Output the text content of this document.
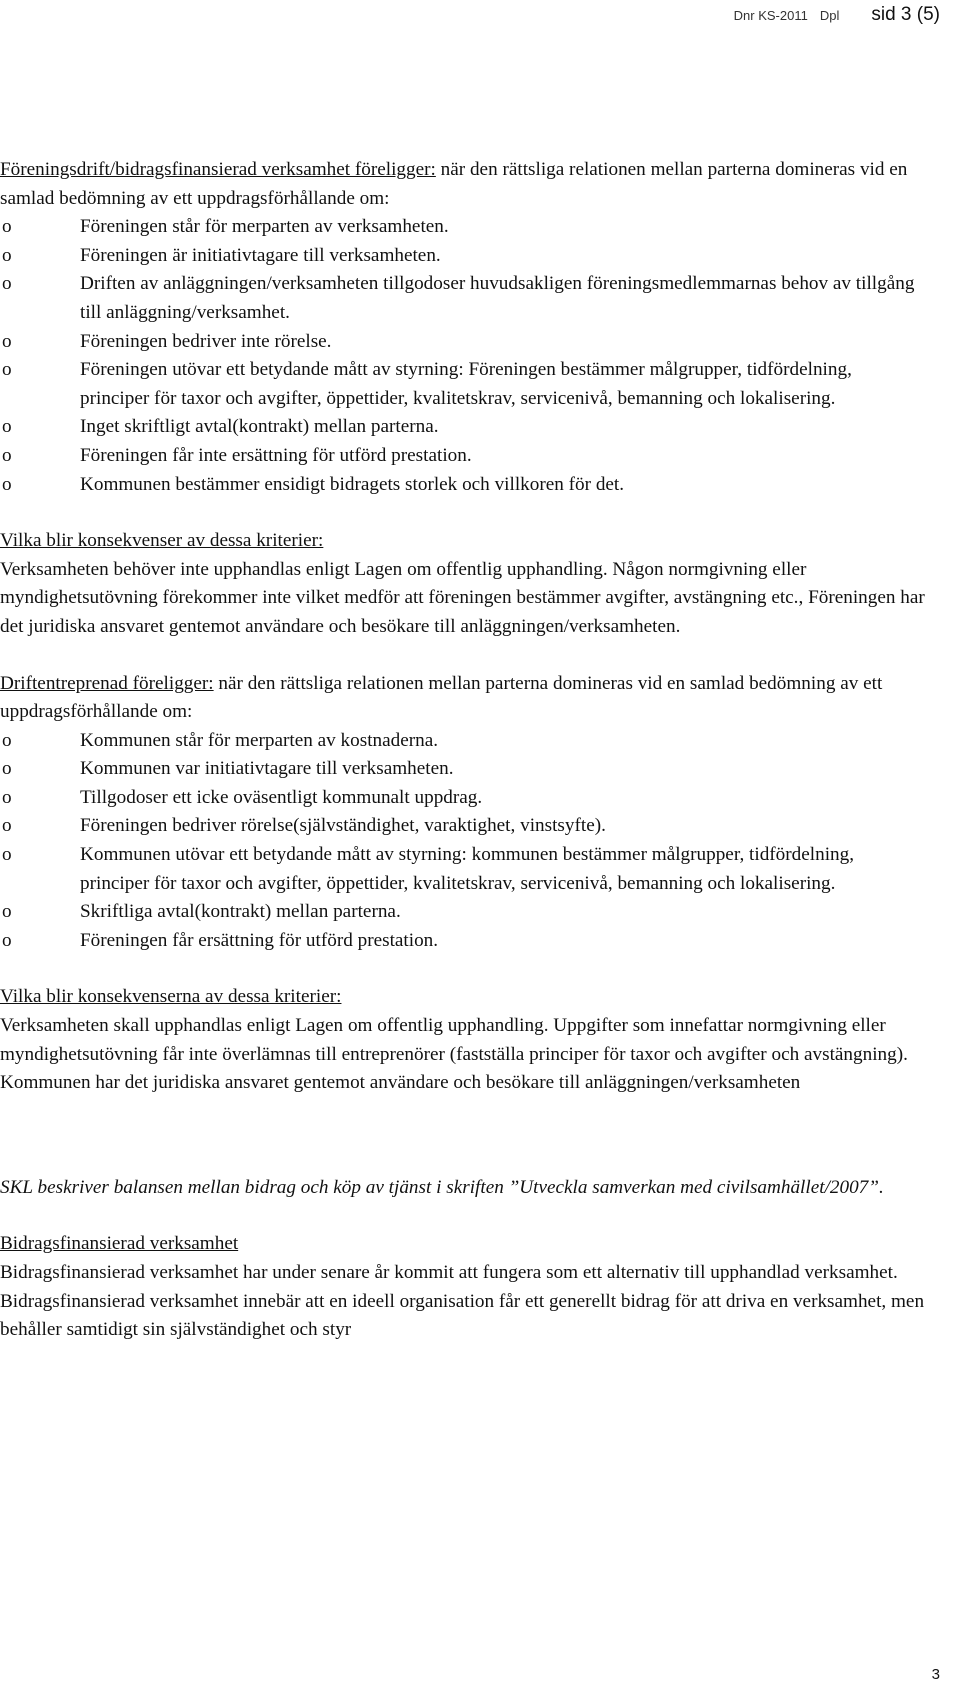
Dnr KS-2011 Dpl sid 3 (5)

Föreningsdrift/bidragsfinansierad verksamhet föreligger: när den rättsliga relationen mellan parterna domineras vid en samlad bedömning av ett uppdragsförhållande om:

o Föreningen står för merparten av verksamheten.
o Föreningen är initiativtagare till verksamheten.
o Driften av anläggningen/verksamheten tillgodoser huvudsakligen föreningsmedlemmarnas behov av tillgång till anläggning/verksamhet.
o Föreningen bedriver inte rörelse.
o Föreningen utövar ett betydande mått av styrning: Föreningen bestämmer målgrupper, tidfördelning, principer för taxor och avgifter, öppettider, kvalitetskrav, servicenivå, bemanning och lokalisering.
o Inget skriftligt avtal(kontrakt) mellan parterna.
o Föreningen får inte ersättning för utförd prestation.
o Kommunen bestämmer ensidigt bidragets storlek och villkoren för det.

Vilka blir konsekvenser av dessa kriterier:

Verksamheten behöver inte upphandlas enligt Lagen om offentlig upphandling. Någon normgivning eller myndighetsutövning förekommer inte vilket medför att föreningen bestämmer avgifter, avstängning etc., Föreningen har det juridiska ansvaret gentemot användare och besökare till anläggningen/verksamheten.

Driftentreprenad föreligger: när den rättsliga relationen mellan parterna domineras vid en samlad bedömning av ett uppdragsförhållande om:

o Kommunen står för merparten av kostnaderna.
o Kommunen var initiativtagare till verksamheten.
o Tillgodoser ett icke oväsentligt kommunalt uppdrag.
o Föreningen bedriver rörelse(självständighet, varaktighet, vinstsyfte).
o Kommunen utövar ett betydande mått av styrning: kommunen bestämmer målgrupper, tidfördelning, principer för taxor och avgifter, öppettider, kvalitetskrav, servicenivå, bemanning och lokalisering.
o Skriftliga avtal(kontrakt) mellan parterna.
o Föreningen får ersättning för utförd prestation.

Vilka blir konsekvenserna av dessa kriterier:

Verksamheten skall upphandlas enligt Lagen om offentlig upphandling. Uppgifter som innefattar normgivning eller myndighetsutövning får inte överlämnas till entreprenörer (fastställa principer för taxor och avgifter och avstängning). Kommunen har det juridiska ansvaret gentemot användare och besökare till anläggningen/verksamheten

SKL beskriver balansen mellan bidrag och köp av tjänst i skriften ”Utveckla samverkan med civilsamhället/2007”.

Bidragsfinansierad verksamhet

Bidragsfinansierad verksamhet har under senare år kommit att fungera som ett alternativ till upphandlad verksamhet. Bidragsfinansierad verksamhet innebär att en ideell organisation får ett generellt bidrag för att driva en verksamhet, men behåller samtidigt sin självständighet och styr

3
